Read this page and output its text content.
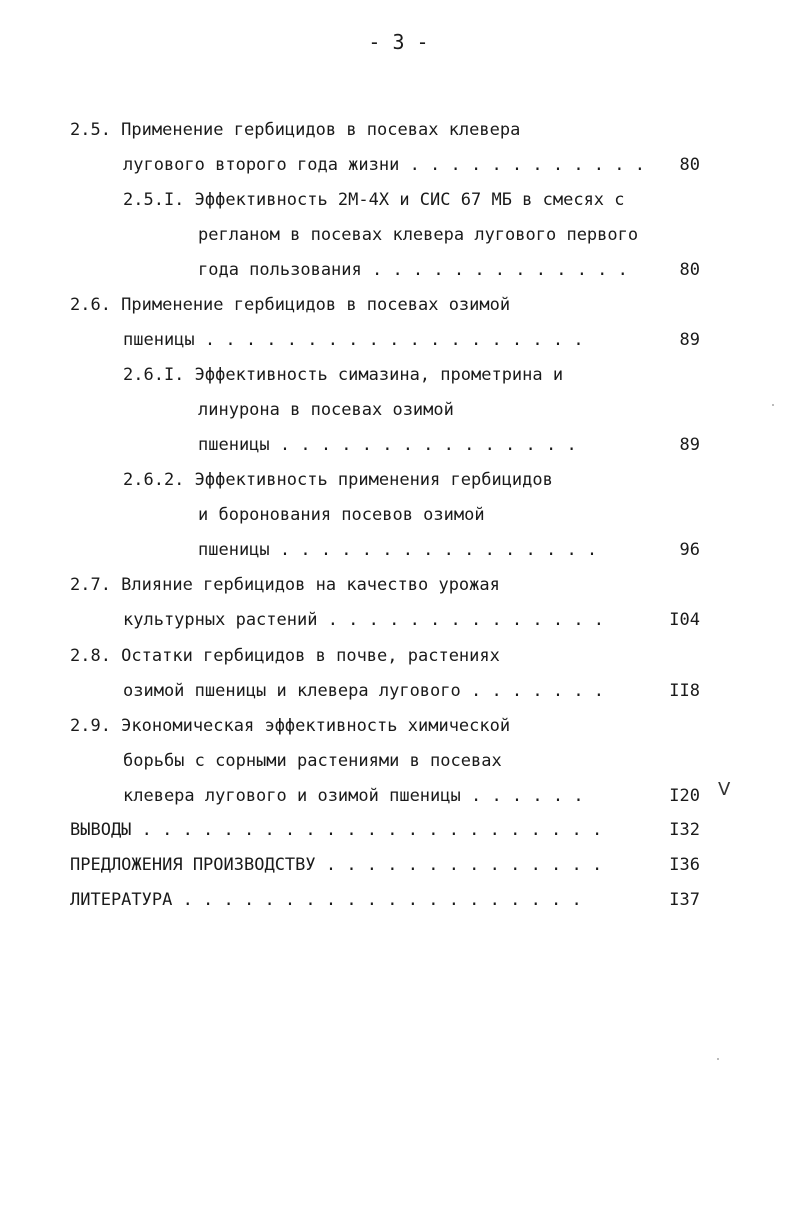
- 3 -
2.5. Применение гербицидов в посевах клевера
лугового второго года жизни . . . . . . . . . . . .	80
2.5.I. Эффективность 2М-4Х и СИС 67 МБ в смесях с
регланом в посевах клевера лугового первого
года пользования . . . . . . . . . . . . .	80
2.6. Применение гербицидов в посевах озимой
пшеницы . . . . . . . . . . . . . . . . . . .	89
2.6.I. Эффективность симазина, прометрина и
линурона в посевах озимой
пшеницы . . . . . . . . . . . . . . .	89
2.6.2. Эффективность применения гербицидов
и боронования посевов озимой
пшеницы . . . . . . . . . . . . . . . .	96
2.7. Влияние гербицидов на качество урожая
культурных растений . . . . . . . . . . . . . .	I04
2.8. Остатки гербицидов в почве, растениях
озимой пшеницы и клевера лугового . . . . . . .	II8
2.9. Экономическая эффективность химической
борьбы с сорными растениями в посевах
клевера лугового и озимой пшеницы . . . . . .	I20 V
ВЫВОДЫ . . . . . . . . . . . . . . . . . . . . . . .	I32
ПРЕДЛОЖЕНИЯ ПРОИЗВОДСТВУ . . . . . . . . . . . . . .	I36
ЛИТЕРАТУРА . . . . . . . . . . . . . . . . . . . .	I37
